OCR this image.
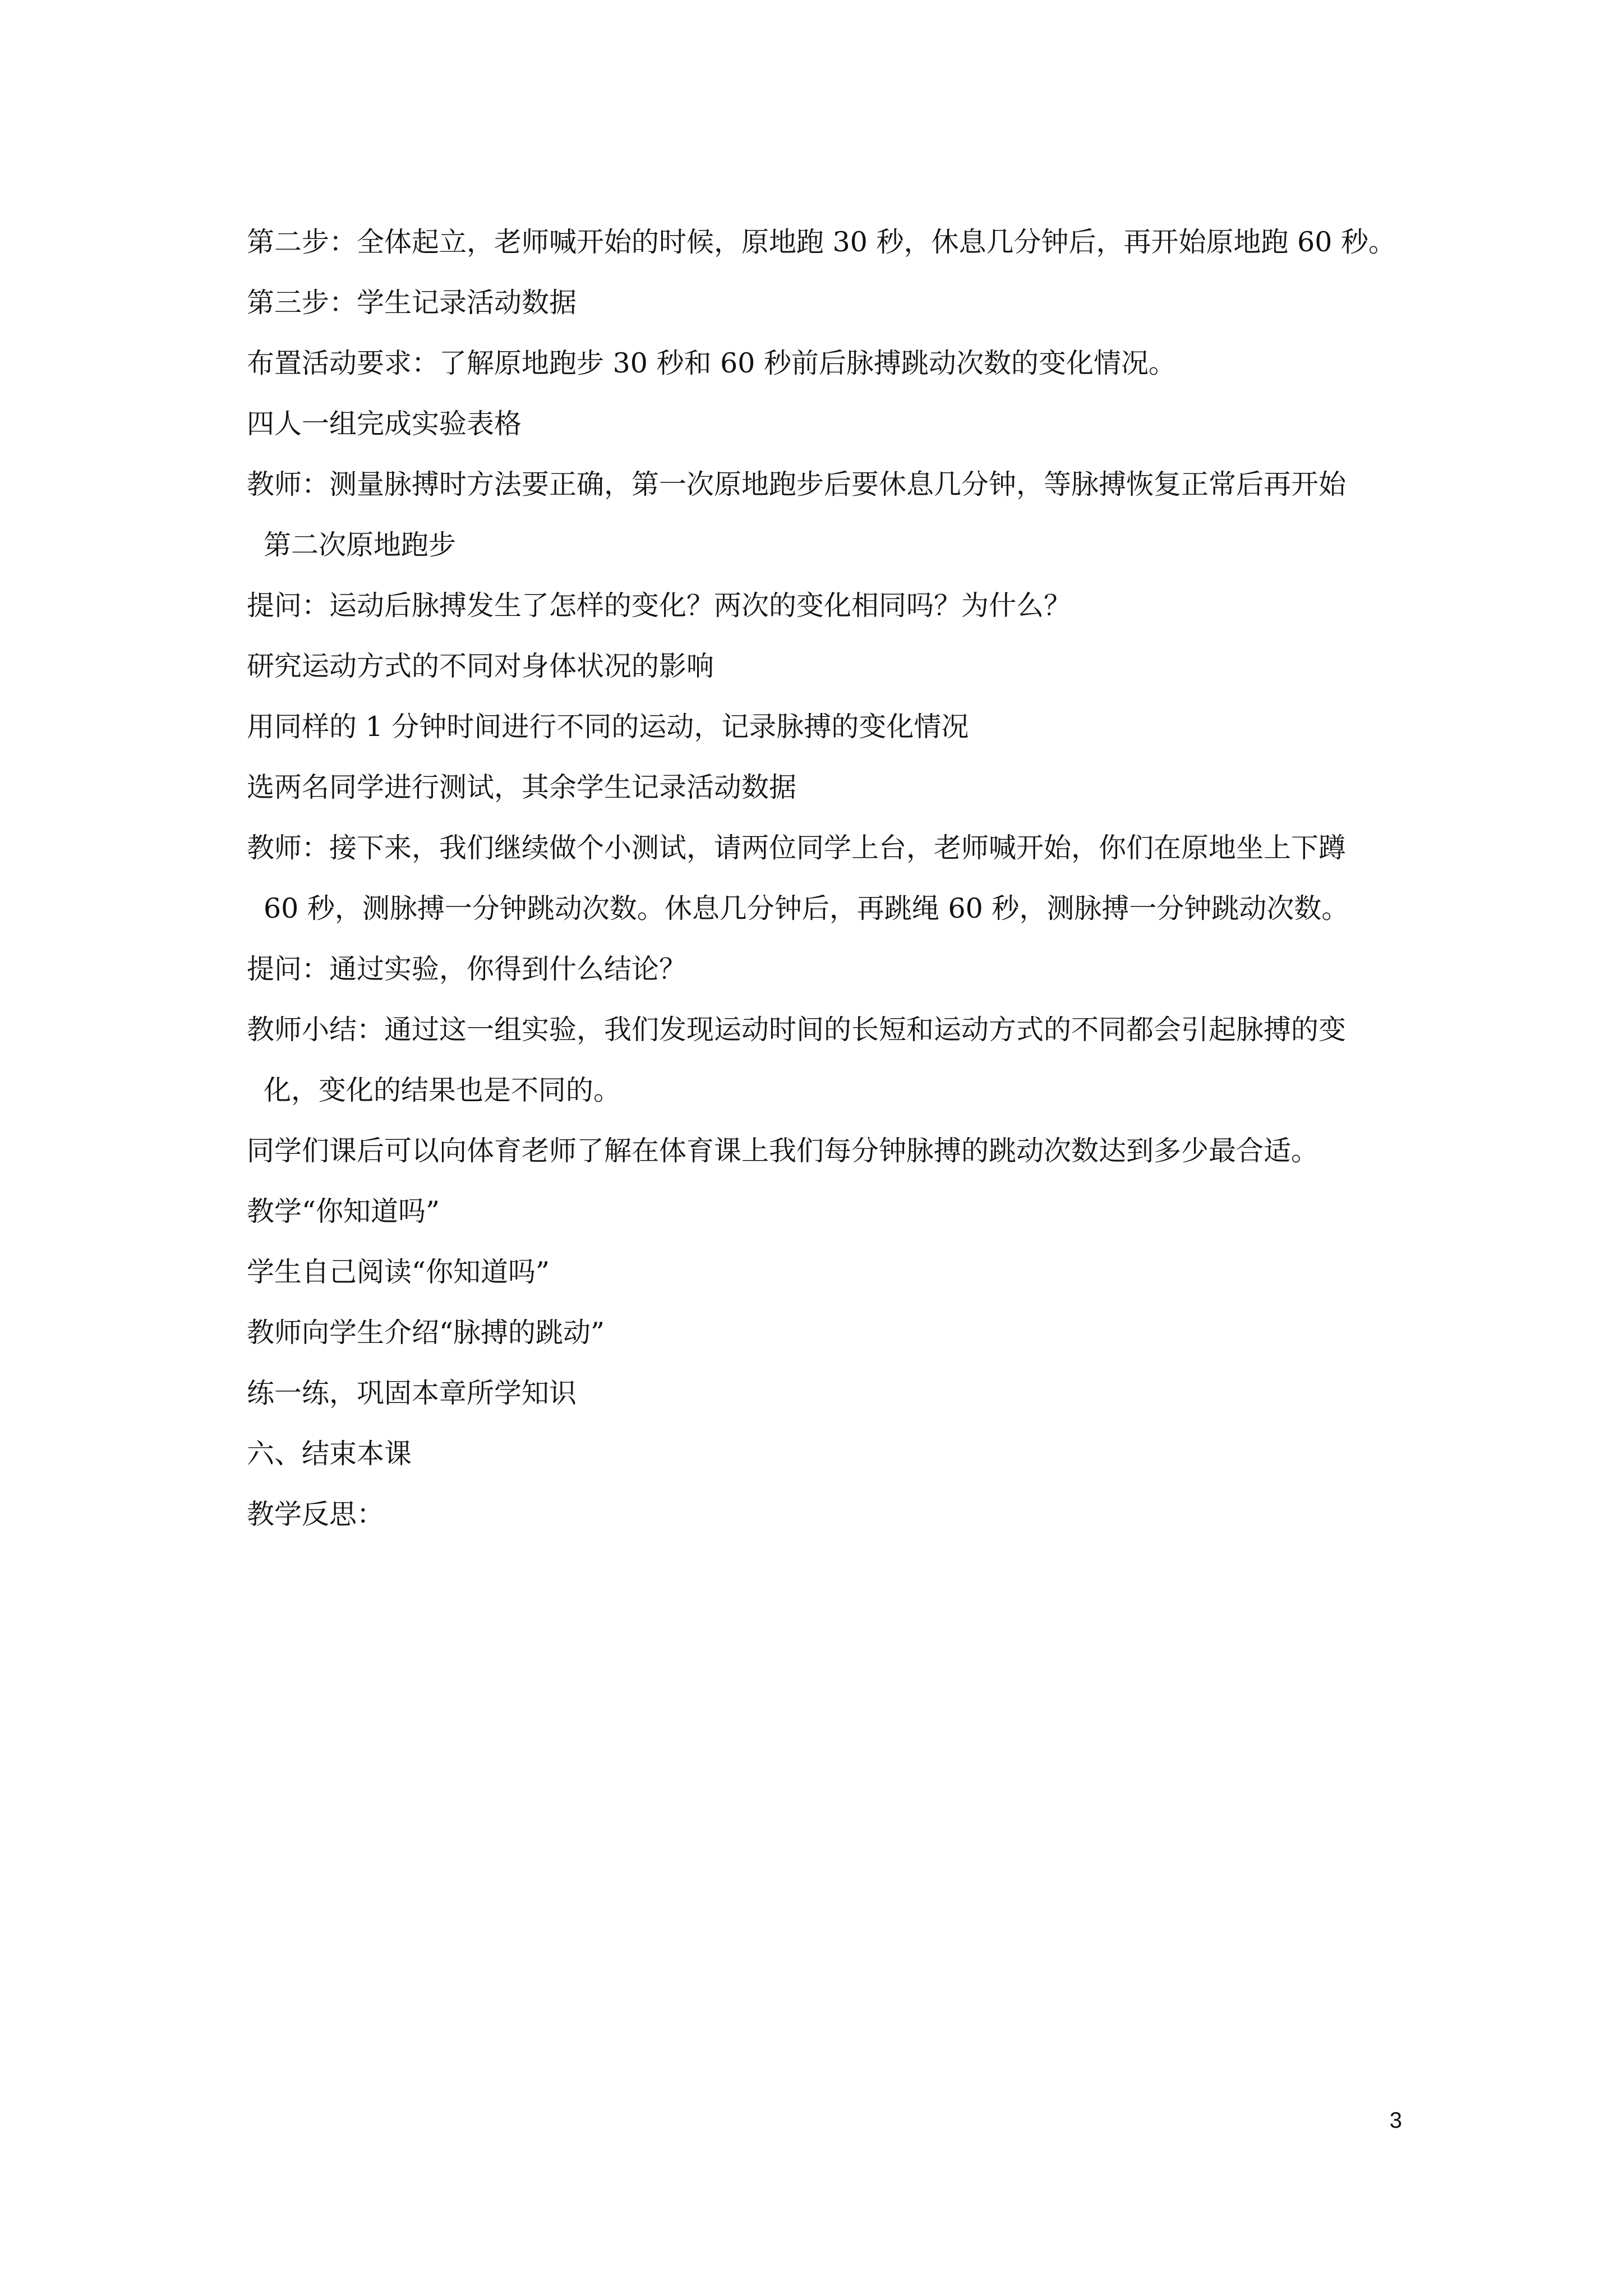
第二步：全体起立，老师喊开始的时候，原地跑 30 秒，休息几分钟后，再开始原地跑 60 秒。

第三步：学生记录活动数据

布置活动要求：了解原地跑步 30 秒和 60 秒前后脉搏跳动次数的变化情况。

四人一组完成实验表格

教师：测量脉搏时方法要正确，第一次原地跑步后要休息几分钟，等脉搏恢复正常后再开始

第二次原地跑步

提问：运动后脉搏发生了怎样的变化？两次的变化相同吗？为什么？

研究运动方式的不同对身体状况的影响

用同样的 1 分钟时间进行不同的运动，记录脉搏的变化情况

选两名同学进行测试，其余学生记录活动数据

教师：接下来，我们继续做个小测试，请两位同学上台，老师喊开始，你们在原地坐上下蹲

60 秒，测脉搏一分钟跳动次数。休息几分钟后，再跳绳 60 秒，测脉搏一分钟跳动次数。

提问：通过实验，你得到什么结论？

教师小结：通过这一组实验，我们发现运动时间的长短和运动方式的不同都会引起脉搏的变

化，变化的结果也是不同的。

同学们课后可以向体育老师了解在体育课上我们每分钟脉搏的跳动次数达到多少最合适。

教学“你知道吗”

学生自己阅读“你知道吗”

教师向学生介绍“脉搏的跳动”

练一练，巩固本章所学知识

六、结束本课

教学反思：

3
